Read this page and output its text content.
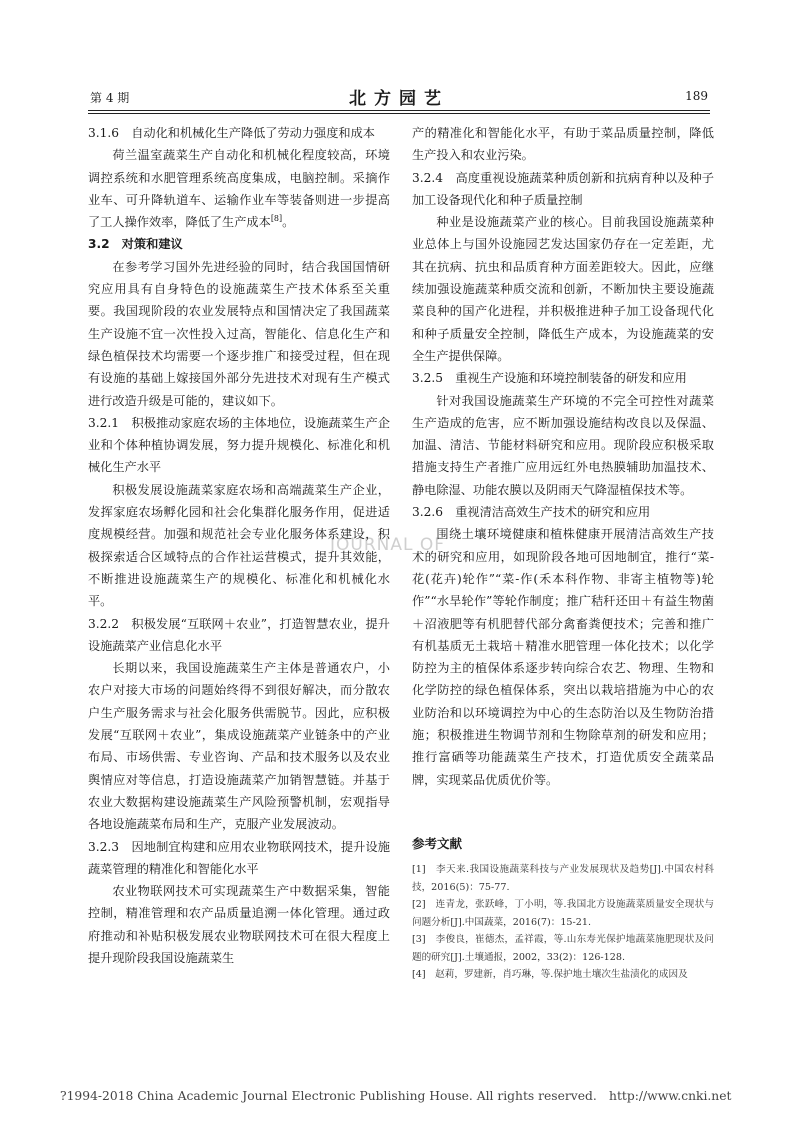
第 4 期	北方园艺	189
JOURNAL OF

3.1.6　自动化和机械化生产降低了劳动力强度和成本

荷兰温室蔬菜生产自动化和机械化程度较高，环境调控系统和水肥管理系统高度集成，电脑控制。采摘作业车、可升降轨道车、运输作业车等装备则进一步提高了工人操作效率，降低了生产成本[8]。

3.2　对策和建议

在参考学习国外先进经验的同时，结合我国国情研究应用具有自身特色的设施蔬菜生产技术体系至关重要。我国现阶段的农业发展特点和国情决定了我国蔬菜生产设施不宜一次性投入过高，智能化、信息化生产和绿色植保技术均需要一个逐步推广和接受过程，但在现有设施的基础上嫁接国外部分先进技术对现有生产模式进行改造升级是可能的，建议如下。

3.2.1　积极推动家庭农场的主体地位，设施蔬菜生产企业和个体种植协调发展，努力提升规模化、标准化和机械化生产水平

积极发展设施蔬菜家庭农场和高端蔬菜生产企业，发挥家庭农场孵化园和社会化集群化服务作用，促进适度规模经营。加强和规范社会专业化服务体系建设，积极探索适合区域特点的合作社运营模式，提升其效能，不断推进设施蔬菜生产的规模化、标准化和机械化水平。

3.2.2　积极发展“互联网＋农业”，打造智慧农业，提升设施蔬菜产业信息化水平

长期以来，我国设施蔬菜生产主体是普通农户，小农户对接大市场的问题始终得不到很好解决，而分散农户生产服务需求与社会化服务供需脱节。因此，应积极发展“互联网＋农业”，集成设施蔬菜产业链条中的产业布局、市场供需、专业咨询、产品和技术服务以及农业舆情应对等信息，打造设施蔬菜产加销智慧链。并基于农业大数据构建设施蔬菜生产风险预警机制，宏观指导各地设施蔬菜布局和生产，克服产业发展波动。

3.2.3　因地制宜构建和应用农业物联网技术，提升设施蔬菜管理的精准化和智能化水平

农业物联网技术可实现蔬菜生产中数据采集，智能控制，精准管理和农产品质量追溯一体化管理。通过政府推动和补贴积极发展农业物联网技术可在很大程度上提升现阶段我国设施蔬菜生

产的精准化和智能化水平，有助于菜品质量控制，降低生产投入和农业污染。

3.2.4　高度重视设施蔬菜种质创新和抗病育种以及种子加工设备现代化和种子质量控制

种业是设施蔬菜产业的核心。目前我国设施蔬菜种业总体上与国外设施园艺发达国家仍存在一定差距，尤其在抗病、抗虫和品质育种方面差距较大。因此，应继续加强设施蔬菜种质交流和创新，不断加快主要设施蔬菜良种的国产化进程，并积极推进种子加工设备现代化和种子质量安全控制，降低生产成本，为设施蔬菜的安全生产提供保障。

3.2.5　重视生产设施和环境控制装备的研发和应用

针对我国设施蔬菜生产环境的不完全可控性对蔬菜生产造成的危害，应不断加强设施结构改良以及保温、加温、清洁、节能材料研究和应用。现阶段应积极采取措施支持生产者推广应用远红外电热膜辅助加温技术、静电除湿、功能农膜以及阴雨天气降湿植保技术等。

3.2.6　重视清洁高效生产技术的研究和应用

围绕土壤环境健康和植株健康开展清洁高效生产技术的研究和应用，如现阶段各地可因地制宜，推行“菜-花(花卉)轮作”“菜-作(禾本科作物、非寄主植物等)轮作”“水旱轮作”等轮作制度；推广秸秆还田＋有益生物菌＋沼液肥等有机肥替代部分禽畜粪便技术；完善和推广有机基质无土栽培＋精准水肥管理一体化技术；以化学防控为主的植保体系逐步转向综合农艺、物理、生物和化学防控的绿色植保体系，突出以栽培措施为中心的农业防治和以环境调控为中心的生态防治以及生物防治措施；积极推进生物调节剂和生物除草剂的研发和应用；推行富硒等功能蔬菜生产技术，打造优质安全蔬菜品牌，实现菜品优质优价等。

参考文献

[1]　李天来.我国设施蔬菜科技与产业发展现状及趋势[J].中国农村科技，2016(5)：75-77.

[2]　连青龙，张跃峰，丁小明，等.我国北方设施蔬菜质量安全现状与问题分析[J].中国蔬菜，2016(7)：15-21.

[3]　李俊良，崔德杰，孟祥霞，等.山东寿光保护地蔬菜施肥现状及问题的研究[J].土壤通报，2002，33(2)：126-128.

[4]　赵莉，罗建新，肖巧琳，等.保护地土壤次生盐渍化的成因及

?1994-2018 China Academic Journal Electronic Publishing House. All rights reserved.　http://www.cnki.net
